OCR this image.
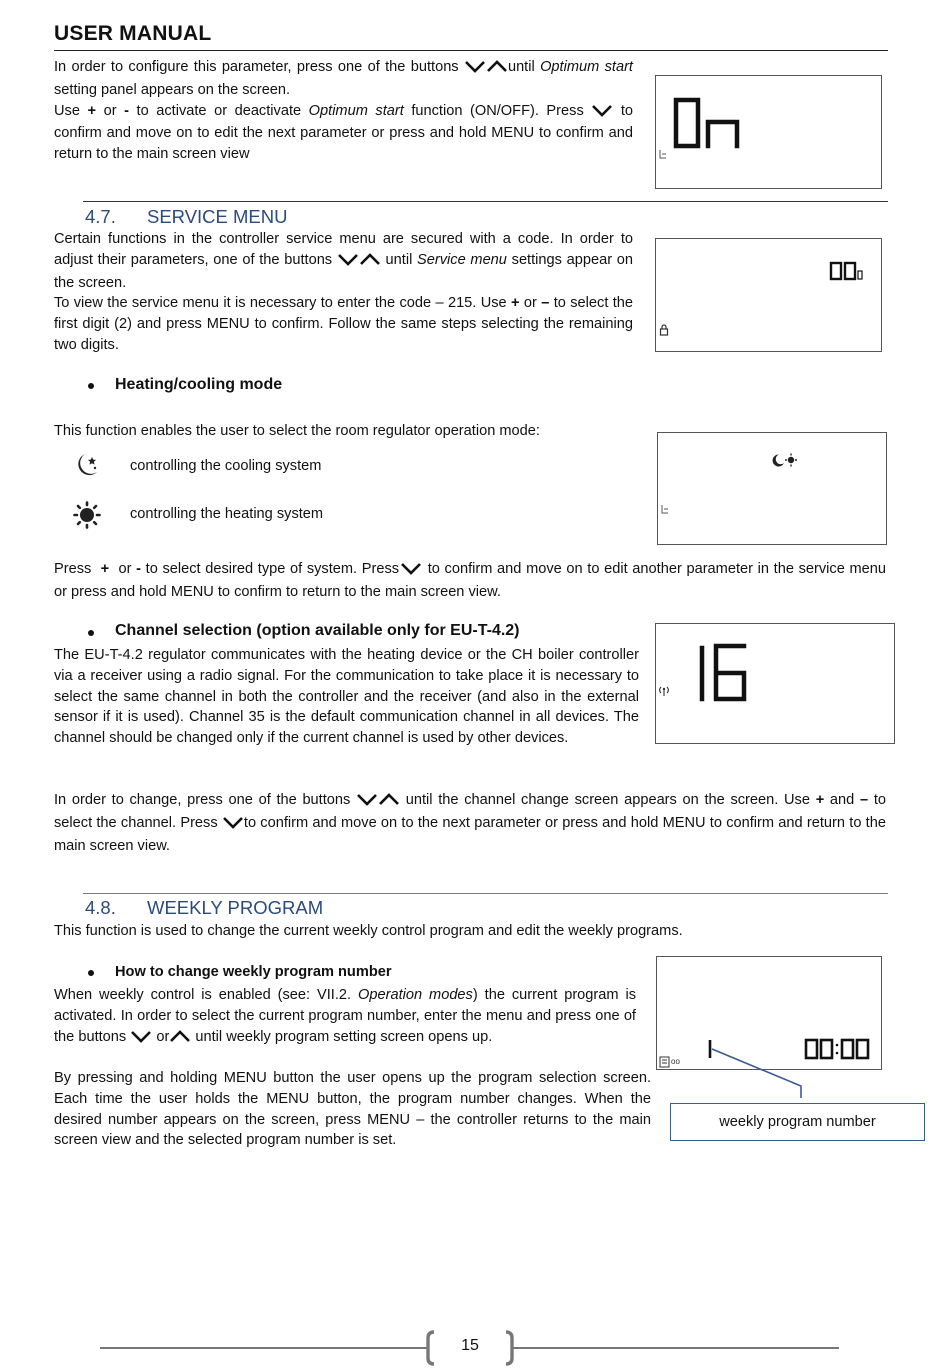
USER MANUAL
In order to configure this parameter, press one of the buttons	until Optimum start setting panel appears on the screen.
Use + or - to activate or deactivate Optimum start function (ON/OFF). Press	to confirm and move on to edit the next parameter or press and hold MENU to confirm and return to the main screen view
4.7. SERVICE MENU
Certain functions in the controller service menu are secured with a code. In order to adjust their parameters, one of the buttons	until Service menu settings appear on the screen.
To view the service menu it is necessary to enter the code – 215. Use + or – to select the first digit (2) and press MENU to confirm. Follow the same steps selecting the remaining two digits.
Heating/cooling mode
This function enables the user to select the room regulator operation mode:
controlling the cooling system
controlling the heating system
Press + or - to select desired type of system. Press to confirm and move on to edit another parameter in the service menu or press and hold MENU to confirm to return to the main screen view.
Channel selection (option available only for EU-T-4.2)
The EU-T-4.2 regulator communicates with the heating device or the CH boiler controller via a receiver using a radio signal. For the communication to take place it is necessary to select the same channel in both the controller and the receiver (and also in the external sensor if it is used). Channel 35 is the default communication channel in all devices. The channel should be changed only if the current channel is used by other devices.
In order to change, press one of the buttons	until the channel change screen appears on the screen. Use + and – to select the channel. Press to confirm and move on to the next parameter or press and hold MENU to confirm and return to the main screen view.
4.8. WEEKLY PROGRAM
This function is used to change the current weekly control program and edit the weekly programs.
How to change weekly program number
When weekly control is enabled (see: VII.2. Operation modes) the current program is activated. In order to select the current program number, enter the menu and press one of the buttons or until weekly program setting screen opens up.
By pressing and holding MENU button the user opens up the program selection screen. Each time the user holds the MENU button, the program number changes. When the desired number appears on the screen, press MENU – the controller returns to the main screen view and the selected program number is set.
oo
weekly program number
15
